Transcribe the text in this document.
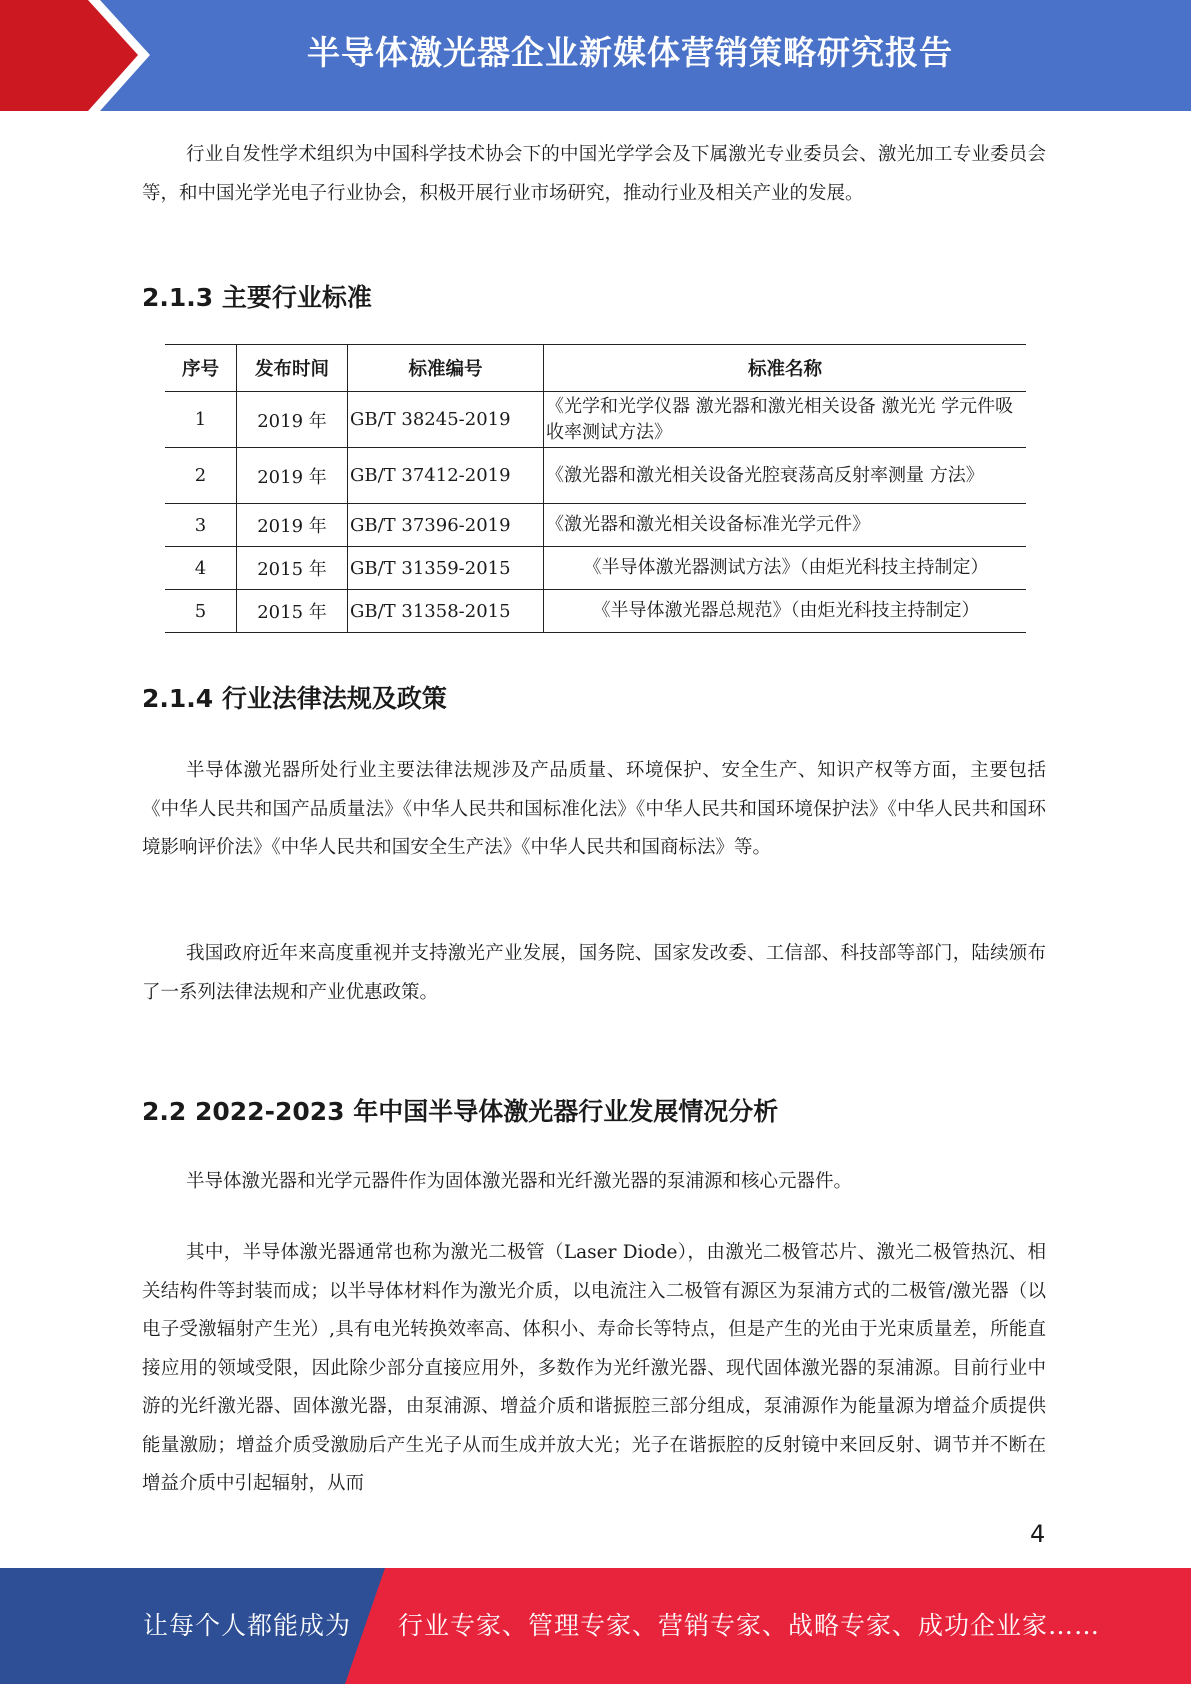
半导体激光器企业新媒体营销策略研究报告

行业自发性学术组织为中国科学技术协会下的中国光学学会及下属激光专业委员会、激光加工专业委员会等，和中国光学光电子行业协会，积极开展行业市场研究，推动行业及相关产业的发展。

2.1.3 主要行业标准
序号	发布时间	标准编号	标准名称
1	2019 年	GB/T 38245-2019	《光学和光学仪器 激光器和激光相关设备 激光光 学元件吸收率测试方法》
2	2019 年	GB/T 37412-2019	《激光器和激光相关设备光腔衰荡高反射率测量 方法》
3	2019 年	GB/T 37396-2019	《激光器和激光相关设备标准光学元件》
4	2015 年	GB/T 31359-2015	《半导体激光器测试方法》（由炬光科技主持制定）
5	2015 年	GB/T 31358-2015	《半导体激光器总规范》（由炬光科技主持制定）
2.1.4 行业法律法规及政策

半导体激光器所处行业主要法律法规涉及产品质量、环境保护、安全生产、知识产权等方面，主要包括《中华人民共和国产品质量法》《中华人民共和国标准化法》《中华人民共和国环境保护法》《中华人民共和国环境影响评价法》《中华人民共和国安全生产法》《中华人民共和国商标法》等。

我国政府近年来高度重视并支持激光产业发展，国务院、国家发改委、工信部、科技部等部门，陆续颁布了一系列法律法规和产业优惠政策。

2.2 2022-2023 年中国半导体激光器行业发展情况分析

半导体激光器和光学元器件作为固体激光器和光纤激光器的泵浦源和核心元器件。

其中，半导体激光器通常也称为激光二极管（Laser Diode），由激光二极管芯片、激光二极管热沉、相关结构件等封装而成；以半导体材料作为激光介质，以电流注入二极管有源区为泵浦方式的二极管/激光器（以电子受激辐射产生光）,具有电光转换效率高、体积小、寿命长等特点，但是产生的光由于光束质量差，所能直接应用的领域受限，因此除少部分直接应用外，多数作为光纤激光器、现代固体激光器的泵浦源。目前行业中游的光纤激光器、固体激光器，由泵浦源、增益介质和谐振腔三部分组成，泵浦源作为能量源为增益介质提供能量激励；增益介质受激励后产生光子从而生成并放大光；光子在谐振腔的反射镜中来回反射、调节并不断在增益介质中引起辐射，从而

4
让每个人都能成为 行业专家、管理专家、营销专家、战略专家、成功企业家……
